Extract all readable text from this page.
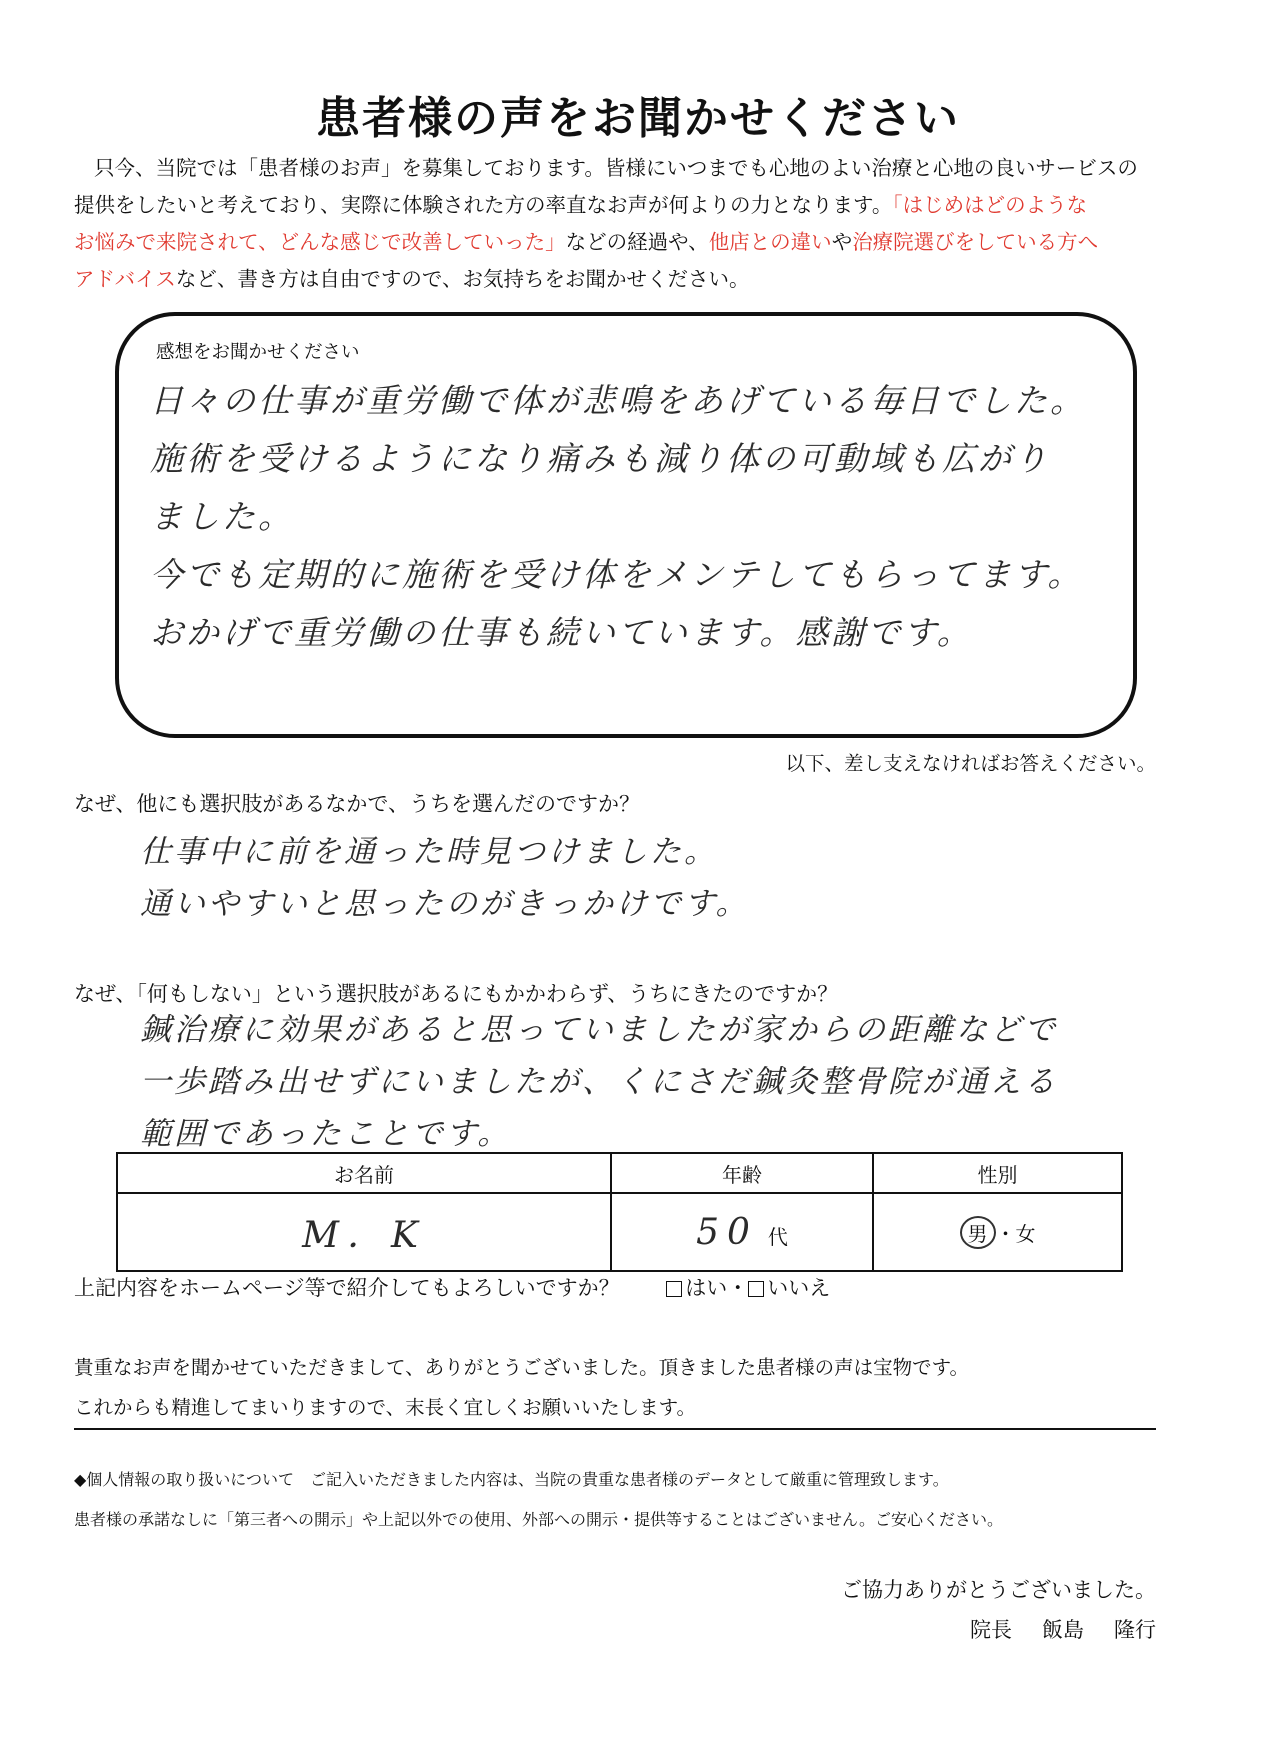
患者様の声をお聞かせください

只今、当院では「患者様のお声」を募集しております。皆様にいつまでも心地のよい治療と心地の良いサービスの

提供をしたいと考えており、実際に体験された方の率直なお声が何よりの力となります。「はじめはどのような

お悩みで来院されて、どんな感じで改善していった」などの経過や、他店との違いや治療院選びをしている方へ

アドバイスなど、書き方は自由ですので、お気持ちをお聞かせください。

感想をお聞かせください
日々の仕事が重労働で体が悲鳴をあげている毎日でした。
施術を受けるようになり痛みも減り体の可動域も広がり
ました。
今でも定期的に施術を受け体をメンテしてもらってます。
おかげで重労働の仕事も続いています。感謝です。
以下、差し支えなければお答えください。
なぜ、他にも選択肢があるなかで、うちを選んだのですか？
仕事中に前を通った時見つけました。
通いやすいと思ったのがきっかけです。
なぜ、「何もしない」という選択肢があるにもかかわらず、うちにきたのですか？
鍼治療に効果があると思っていましたが家からの距離などで
一歩踏み出せずにいましたが、くにさだ鍼灸整骨院が通える
範囲であったことです。
お名前	年齢	性別
M．K	50 代	男 ・女
上記内容をホームページ等で紹介してもよろしいですか？	はい・ いいえ

貴重なお声を聞かせていただきまして、ありがとうございました。頂きました患者様の声は宝物です。

これからも精進してまいりますので、末長く宜しくお願いいたします。

◆個人情報の取り扱いについて　ご記入いただきました内容は、当院の貴重な患者様のデータとして厳重に管理致します。

患者様の承諾なしに「第三者への開示」や上記以外での使用、外部への開示・提供等することはございません。ご安心ください。

ご協力ありがとうございました。

院長 飯島 隆行
